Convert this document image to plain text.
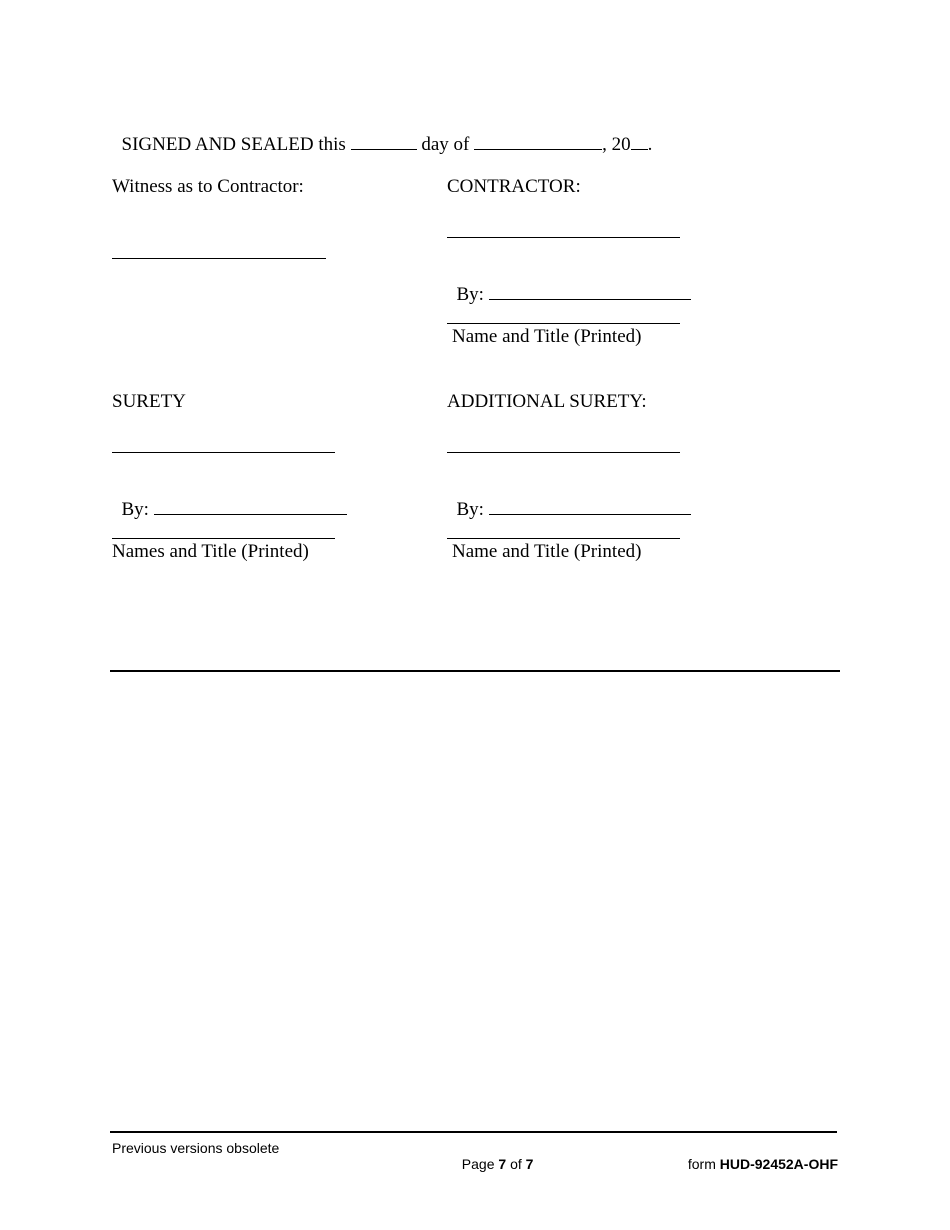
SIGNED AND SEALED this	day of	, 20 .

Witness as to Contractor:	CONTRACTOR:

By:

Name and Title (Printed)
SURETY

By:

Names and Title (Printed)
ADDITIONAL SURETY:

By:

Name and Title (Printed)
Previous versions obsolete

Page 7 of 7	form HUD-92452A-OHF
